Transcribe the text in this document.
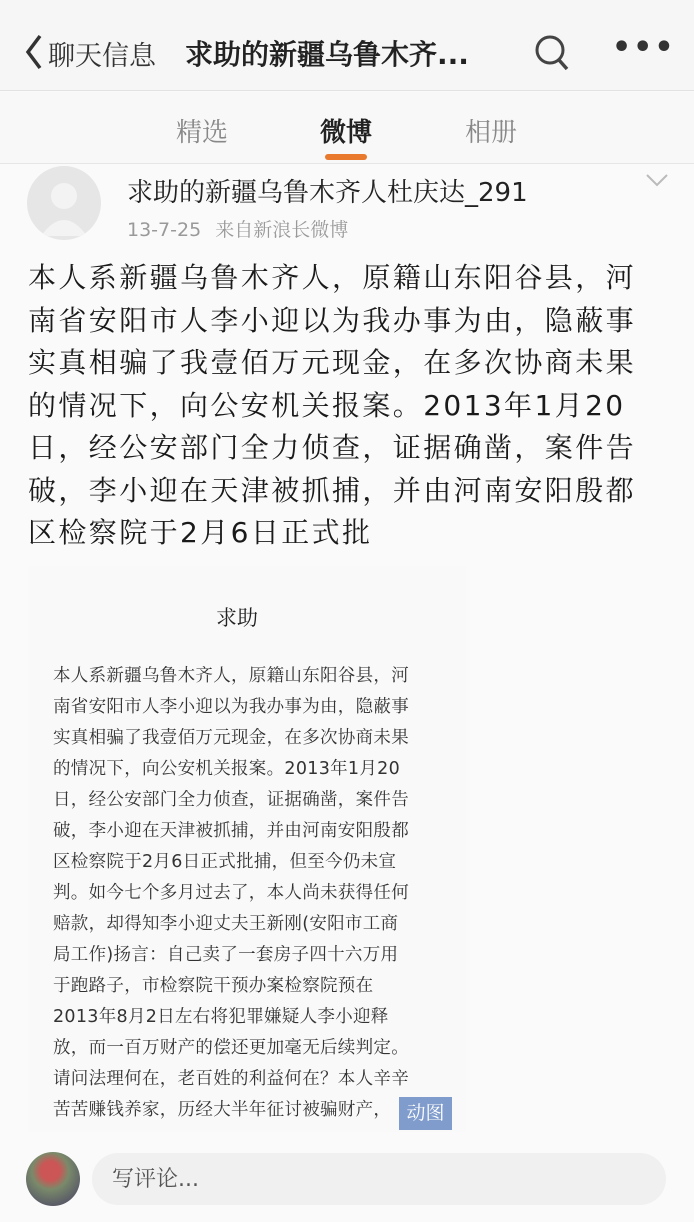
聊天信息 求助的新疆乌鲁木齐...	•••
精选	微博	相册
求助的新疆乌鲁木齐人杜庆达_291
13-7-25 来自新浪长微博
本人系新疆乌鲁木齐人，原籍山东阳谷县，河
南省安阳市人李小迎以为我办事为由，隐蔽事
实真相骗了我壹佰万元现金，在多次协商未果
的情况下，向公安机关报案。2013年1月20
日，经公安部门全力侦查，证据确凿，案件告
破，李小迎在天津被抓捕，并由河南安阳殷都
区检察院于2月6日正式批
求助
本人系新疆乌鲁木齐人，原籍山东阳谷县，河
南省安阳市人李小迎以为我办事为由，隐蔽事
实真相骗了我壹佰万元现金，在多次协商未果
的情况下，向公安机关报案。2013年1月20
日，经公安部门全力侦查，证据确凿，案件告
破，李小迎在天津被抓捕，并由河南安阳殷都
区检察院于2月6日正式批捕，但至今仍未宣
判。如今七个多月过去了，本人尚未获得任何
赔款，却得知李小迎丈夫王新刚(安阳市工商
局工作)扬言：自己卖了一套房子四十六万用
于跑路子，市检察院干预办案检察院预在
2013年8月2日左右将犯罪嫌疑人李小迎释
放，而一百万财产的偿还更加毫无后续判定。
请问法理何在，老百姓的利益何在？本人辛辛
苦苦赚钱养家，历经大半年征讨被骗财产， 动图
写评论...
